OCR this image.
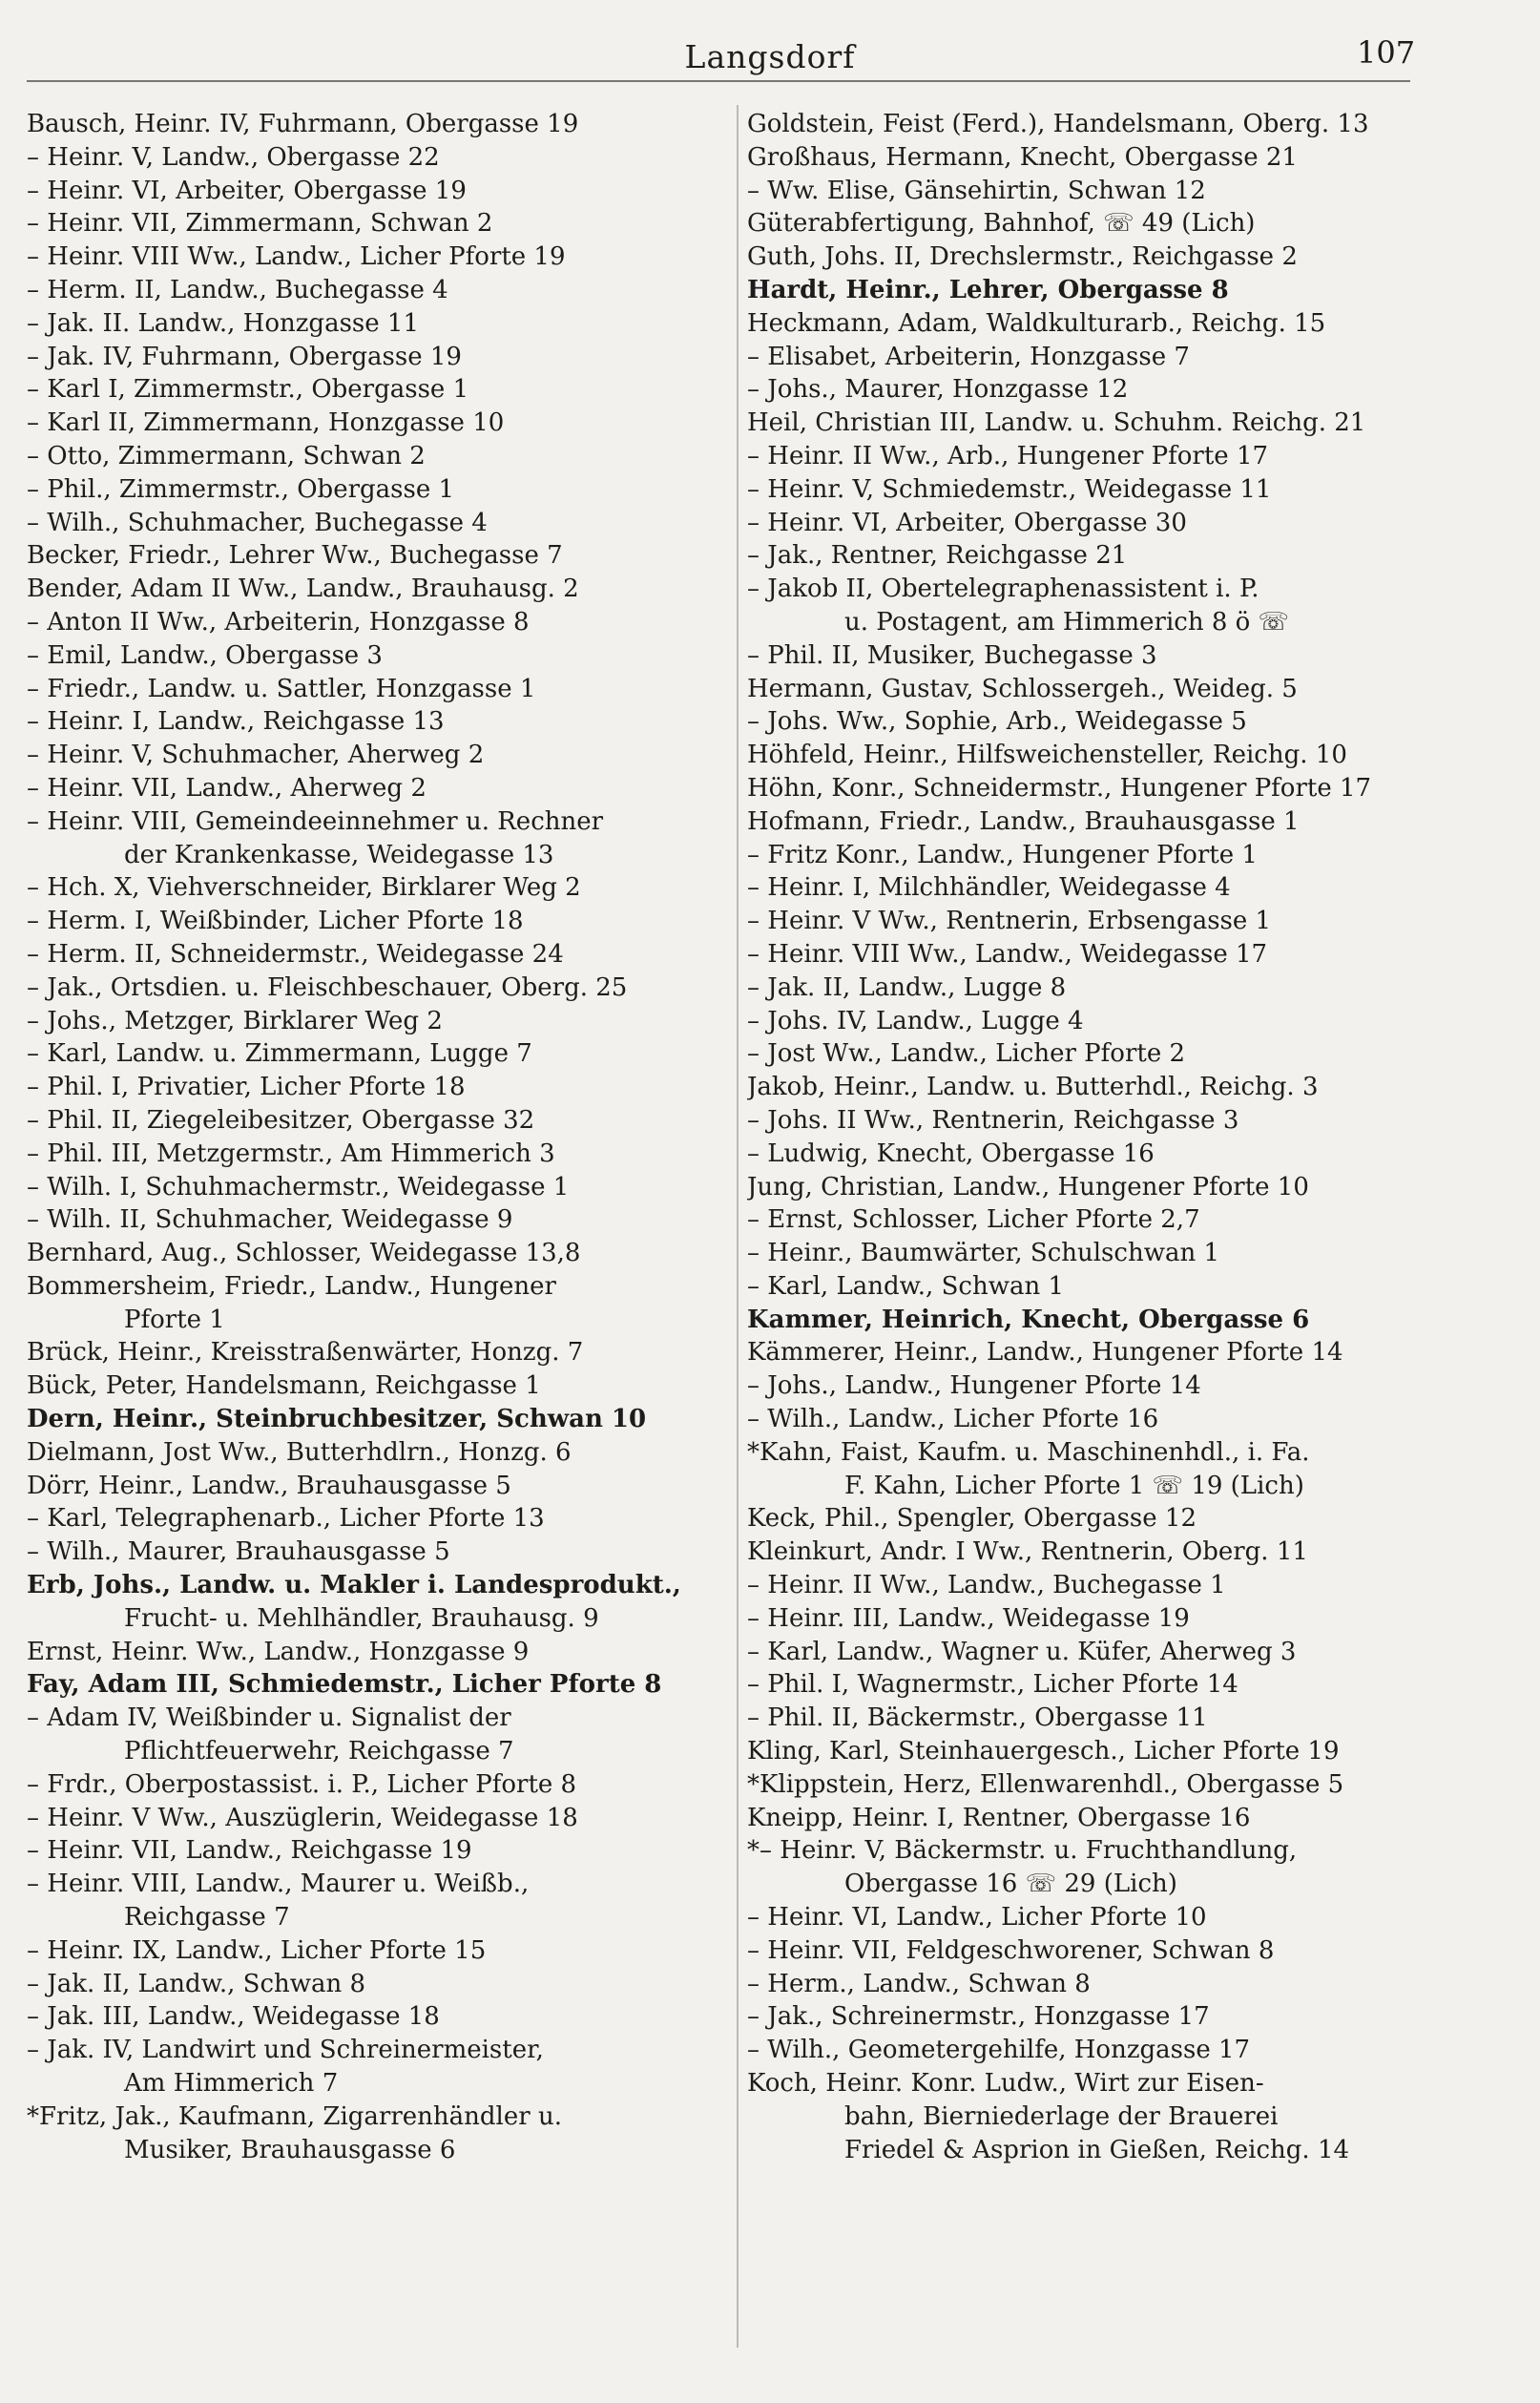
Langsdorf	107
Bausch, Heinr. IV, Fuhrmann, Obergasse 19
– Heinr. V, Landw., Obergasse 22
– Heinr. VI, Arbeiter, Obergasse 19
– Heinr. VII, Zimmermann, Schwan 2
– Heinr. VIII Ww., Landw., Licher Pforte 19
– Herm. II, Landw., Buchegasse 4
– Jak. II. Landw., Honzgasse 11
– Jak. IV, Fuhrmann, Obergasse 19
– Karl I, Zimmermstr., Obergasse 1
– Karl II, Zimmermann, Honzgasse 10
– Otto, Zimmermann, Schwan 2
– Phil., Zimmermstr., Obergasse 1
– Wilh., Schuhmacher, Buchegasse 4
Becker, Friedr., Lehrer Ww., Buchegasse 7
Bender, Adam II Ww., Landw., Brauhausg. 2
– Anton II Ww., Arbeiterin, Honzgasse 8
– Emil, Landw., Obergasse 3
– Friedr., Landw. u. Sattler, Honzgasse 1
– Heinr. I, Landw., Reichgasse 13
– Heinr. V, Schuhmacher, Aherweg 2
– Heinr. VII, Landw., Aherweg 2
– Heinr. VIII, Gemeindeeinnehmer u. Rechner
der Krankenkasse, Weidegasse 13
– Hch. X, Viehverschneider, Birklarer Weg 2
– Herm. I, Weißbinder, Licher Pforte 18
– Herm. II, Schneidermstr., Weidegasse 24
– Jak., Ortsdien. u. Fleischbeschauer, Oberg. 25
– Johs., Metzger, Birklarer Weg 2
– Karl, Landw. u. Zimmermann, Lugge 7
– Phil. I, Privatier, Licher Pforte 18
– Phil. II, Ziegeleibesitzer, Obergasse 32
– Phil. III, Metzgermstr., Am Himmerich 3
– Wilh. I, Schuhmachermstr., Weidegasse 1
– Wilh. II, Schuhmacher, Weidegasse 9
Bernhard, Aug., Schlosser, Weidegasse 13,8
Bommersheim, Friedr., Landw., Hungener
Pforte 1
Brück, Heinr., Kreisstraßenwärter, Honzg. 7
Bück, Peter, Handelsmann, Reichgasse 1
Dern, Heinr., Steinbruchbesitzer, Schwan 10
Dielmann, Jost Ww., Butterhdlrn., Honzg. 6
Dörr, Heinr., Landw., Brauhausgasse 5
– Karl, Telegraphenarb., Licher Pforte 13
– Wilh., Maurer, Brauhausgasse 5
Erb, Johs., Landw. u. Makler i. Landesprodukt.,
Frucht- u. Mehlhändler, Brauhausg. 9
Ernst, Heinr. Ww., Landw., Honzgasse 9
Fay, Adam III, Schmiedemstr., Licher Pforte 8
– Adam IV, Weißbinder u. Signalist der
Pflichtfeuerwehr, Reichgasse 7
– Frdr., Oberpostassist. i. P., Licher Pforte 8
– Heinr. V Ww., Auszüglerin, Weidegasse 18
– Heinr. VII, Landw., Reichgasse 19
– Heinr. VIII, Landw., Maurer u. Weißb.,
Reichgasse 7
– Heinr. IX, Landw., Licher Pforte 15
– Jak. II, Landw., Schwan 8
– Jak. III, Landw., Weidegasse 18
– Jak. IV, Landwirt und Schreinermeister,
Am Himmerich 7
*Fritz, Jak., Kaufmann, Zigarrenhändler u.
Musiker, Brauhausgasse 6
Goldstein, Feist (Ferd.), Handelsmann, Oberg. 13
Großhaus, Hermann, Knecht, Obergasse 21
– Ww. Elise, Gänsehirtin, Schwan 12
Güterabfertigung, Bahnhof, ☏ 49 (Lich)
Guth, Johs. II, Drechslermstr., Reichgasse 2
Hardt, Heinr., Lehrer, Obergasse 8
Heckmann, Adam, Waldkulturarb., Reichg. 15
– Elisabet, Arbeiterin, Honzgasse 7
– Johs., Maurer, Honzgasse 12
Heil, Christian III, Landw. u. Schuhm. Reichg. 21
– Heinr. II Ww., Arb., Hungener Pforte 17
– Heinr. V, Schmiedemstr., Weidegasse 11
– Heinr. VI, Arbeiter, Obergasse 30
– Jak., Rentner, Reichgasse 21
– Jakob II, Obertelegraphenassistent i. P.
u. Postagent, am Himmerich 8 ö ☏
– Phil. II, Musiker, Buchegasse 3
Hermann, Gustav, Schlossergeh., Weideg. 5
– Johs. Ww., Sophie, Arb., Weidegasse 5
Höhfeld, Heinr., Hilfsweichensteller, Reichg. 10
Höhn, Konr., Schneidermstr., Hungener Pforte 17
Hofmann, Friedr., Landw., Brauhausgasse 1
– Fritz Konr., Landw., Hungener Pforte 1
– Heinr. I, Milchhändler, Weidegasse 4
– Heinr. V Ww., Rentnerin, Erbsengasse 1
– Heinr. VIII Ww., Landw., Weidegasse 17
– Jak. II, Landw., Lugge 8
– Johs. IV, Landw., Lugge 4
– Jost Ww., Landw., Licher Pforte 2
Jakob, Heinr., Landw. u. Butterhdl., Reichg. 3
– Johs. II Ww., Rentnerin, Reichgasse 3
– Ludwig, Knecht, Obergasse 16
Jung, Christian, Landw., Hungener Pforte 10
– Ernst, Schlosser, Licher Pforte 2,7
– Heinr., Baumwärter, Schulschwan 1
– Karl, Landw., Schwan 1
Kammer, Heinrich, Knecht, Obergasse 6
Kämmerer, Heinr., Landw., Hungener Pforte 14
– Johs., Landw., Hungener Pforte 14
– Wilh., Landw., Licher Pforte 16
*Kahn, Faist, Kaufm. u. Maschinenhdl., i. Fa.
F. Kahn, Licher Pforte 1 ☏ 19 (Lich)
Keck, Phil., Spengler, Obergasse 12
Kleinkurt, Andr. I Ww., Rentnerin, Oberg. 11
– Heinr. II Ww., Landw., Buchegasse 1
– Heinr. III, Landw., Weidegasse 19
– Karl, Landw., Wagner u. Küfer, Aherweg 3
– Phil. I, Wagnermstr., Licher Pforte 14
– Phil. II, Bäckermstr., Obergasse 11
Kling, Karl, Steinhauergesch., Licher Pforte 19
*Klippstein, Herz, Ellenwarenhdl., Obergasse 5
Kneipp, Heinr. I, Rentner, Obergasse 16
*– Heinr. V, Bäckermstr. u. Fruchthandlung,
Obergasse 16 ☏ 29 (Lich)
– Heinr. VI, Landw., Licher Pforte 10
– Heinr. VII, Feldgeschworener, Schwan 8
– Herm., Landw., Schwan 8
– Jak., Schreinermstr., Honzgasse 17
– Wilh., Geometergehilfe, Honzgasse 17
Koch, Heinr. Konr. Ludw., Wirt zur Eisen-
bahn, Bierniederlage der Brauerei
Friedel & Asprion in Gießen, Reichg. 14
